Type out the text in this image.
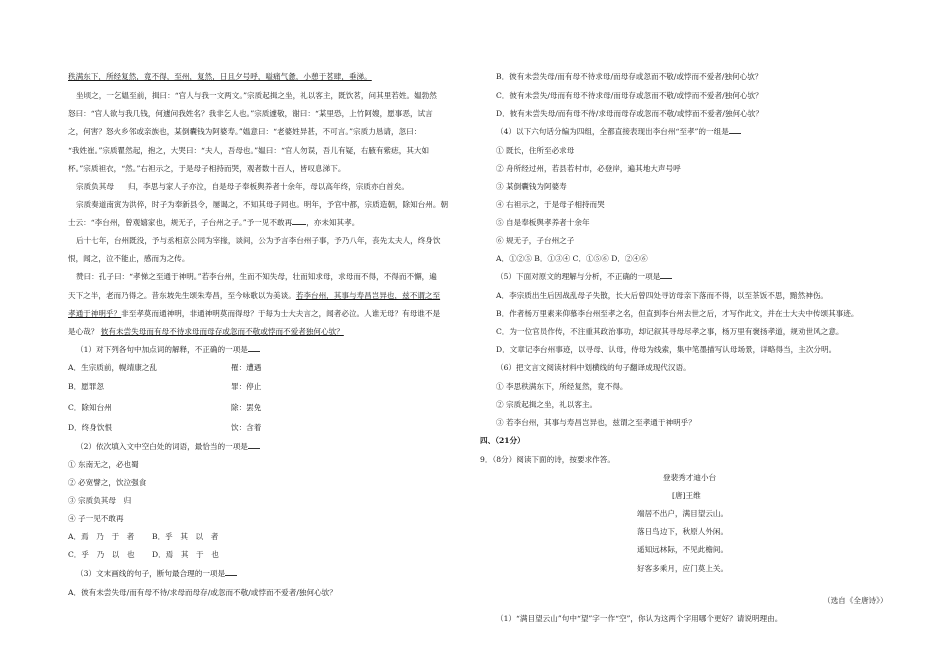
秩满东下，所经复然，竟不得，至州，复然，日且夕号呼，嗌痛气惫，小憩于茗肆，垂涕。
坐顷之，一乞媪至前，揖曰：“官人与我一文两文。”宗质起揖之坐，礼以客主，既饮茗，问其里若姓。媪勃然
怒曰：“官人欲与我几钱，何遽问我姓名？我非乞人也。”宗质遽敬，谢曰：“某里恐，上竹阿嫂，愿事恶，试言
之，何害？怒火乡邻或亲族也，某倒囊钱为阿婆寿。”媪意曰：“老婆姓异甚，不可言。”宗质力恳请，忽曰：
“我姓崔。”宗质瞿然起，抱之，大哭曰：“夫人，吾母也。”媪曰：“官人勿误，吾儿有疑，右腋有紫痣，其大如
杯。”宗质袒衣，“然。”右袒示之，于是母子相持而哭，观者数十百人，皆叹息涕下。
宗质负其母 归，李思与家人子亦泣，自是母子奉板舆养者十余年，母以高年终，宗质亦白首矣。
宗质奏道南寅为洪倅，时子为奉新县令，屡谒之，不知其母子同也。明年，予官中都，宗质造朝，除知台州。朝
士云：“李台州，曾观嬉家也，规无子，子台州之子。”予一见不敢再 ，亦未知其孝。
后十七年，台州既没，予与丞相京公同为宰掾，谈间，公为予言李台州子事，予乃八年，丧先太夫人，终身饮
恨，闻之，泣不能止，感而为之传。
赞曰：孔子曰：“孝悌之至通于神明。”若李台州，生而不知失母，壮而知求母，求母而不得，不得而不懈，遍
天下之半，老而乃得之。昔东坡先生颂朱寿昌，至今咏歌以为美谈。若李台州，其事与寿昌岂异也，兹不谓之至
孝通于神明乎？非至孝莫而通神明，非通神明莫而得母？于每为士大夫言之，闻者必泣。人谁无母？有母谁不是
是心哉？ 彼有未尝失母而有母不待求母而母存或忽而不敬或悖而不爱者独何心欤？
（1）对下列各句中加点词的解释，不正确的一项是
A．生宗质前，幌靖康之乱	罹：遭遇
B．愿罪忽	罪：停止
C．除知台州	除：罢免
D．终身饮恨	饮：含着
（2）依次填入文中空白处的词语，最恰当的一项是
① 东南无之，必也蜀
② 必宽譬之，饮泣强食
③ 宗质负其母　归
④ 子一见不敢再
A．焉　乃　于　者 B．乎　其　以　者
C．乎　乃　以　也 D．焉　其　于　也
（3）文末画线的句子，断句最合理的一项是
A．彼有未尝失母/而有母不待/求母而母存/或忽而不敬/或悖而不爱者/独何心欤？
B．彼有未尝失母/而有母不待求母/而母存或忽而不敬/或悖而不爱者/独何心欤？
C．彼有未尝失/母而有母不待求母/而母存或忽而不敬/或悖而不爱者/独何心欤？
D．彼有未尝失母/而有母不待/求母而母存或忽而不敬/或悖而不爱者/独何心欤？
（4）以下六句话分编为四组，全都直接表现出李台州“至孝”的一组是
① 既长，住所至必求母
② 舟所经过州，若县若村市，必登岸，遍其地大声号呼
③ 某倒囊钱为阿婆寿
④ 右袒示之，于是母子相持而哭
⑤ 自是奉板舆孝养者十余年
⑥ 规无子，子台州之子
A．①②⑤ B．①③④ C．①⑤⑥ D．②④⑥
（5）下面对原文的理解与分析，不正确的一项是
A．李宗质出生后因战乱母子失散，长大后曾四处寻访母亲下落而不得，以至茶饭不思，黯然神伤。
B．作者杨万里素来仰慕李台州至孝之名，但直到李台州去世之后，才写作此文，并在士大夫中传颂其事迹。
C．为一位官员作传，不注重其政治事功，却记叙其寻母尽孝之事，杨万里有褒扬孝道，规劝世风之意。
D．文章记李台州事迹，以寻母、认母，侍母为线索，集中笔墨描写认母场景，详略得当，主次分明。
（6）把文言文阅读材料中划横线的句子翻译成现代汉语。
① 李思秩满东下，所经复然，竟不得。
② 宗质起揖之坐，礼以客主。
③ 若李台州，其事与寿昌岂异也，兹谓之至孝通于神明乎？
四、（21分）
9．（8分）阅读下面的诗，按要求作答。
登裴秀才迪小台
[唐]王维
端居不出户，满目望云山。
落日鸟边下，秋原人外闲。
遥知远林际，不见此檐间。
好客多乘月，应门莫上关。
（选自《全唐诗》）
（1）“满目望云山”句中“望”字一作“空”，你认为这两个字用哪个更好？请说明理由。
